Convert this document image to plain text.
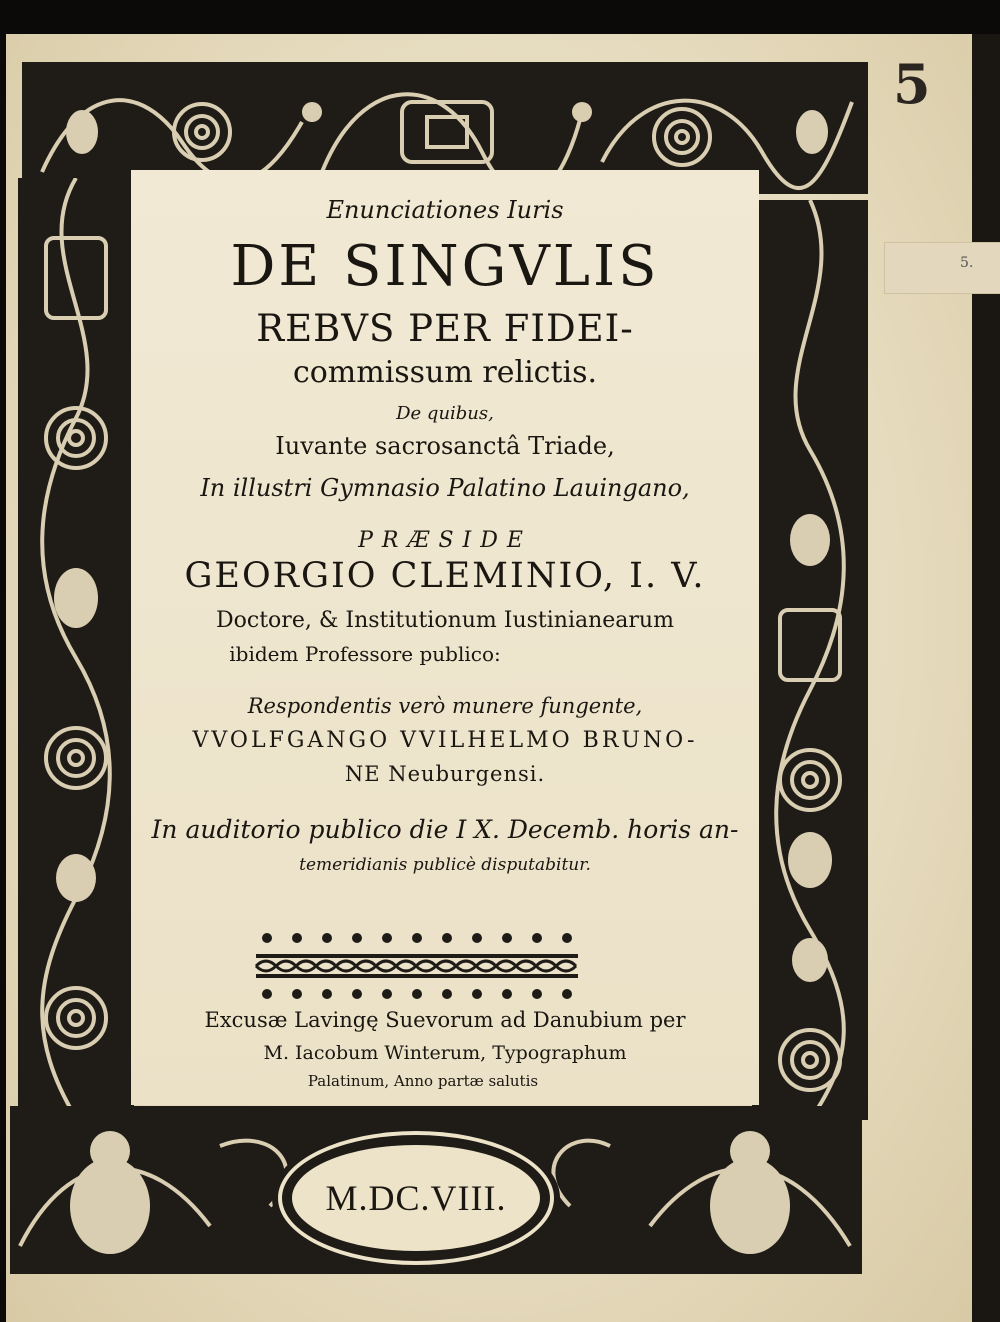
5.
5
Enunciationes Iuris
DE SINGVLIS
REBVS PER FIDEI-
commissum relictis.
De quibus,
Iuvante sacrosanctâ Triade,
In illustri Gymnasio Palatino Lauingano,
PRÆSIDE
GEORGIO CLEMINIO, I. V.
Doctore, & Institutionum Iustinianearum
ibidem Professore publico:
Respondentis verò munere fungente,
VVOLFGANGO VVILHELMO BRUNO-
NE Neuburgensi.
In auditorio publico die I X. Decemb. horis an-
temeridianis publicè disputabitur.
Excusæ Lavingę Suevorum ad Danubium per
M. Iacobum Winterum, Typographum
Palatinum, Anno partæ salutis
M.DC.VIII.
